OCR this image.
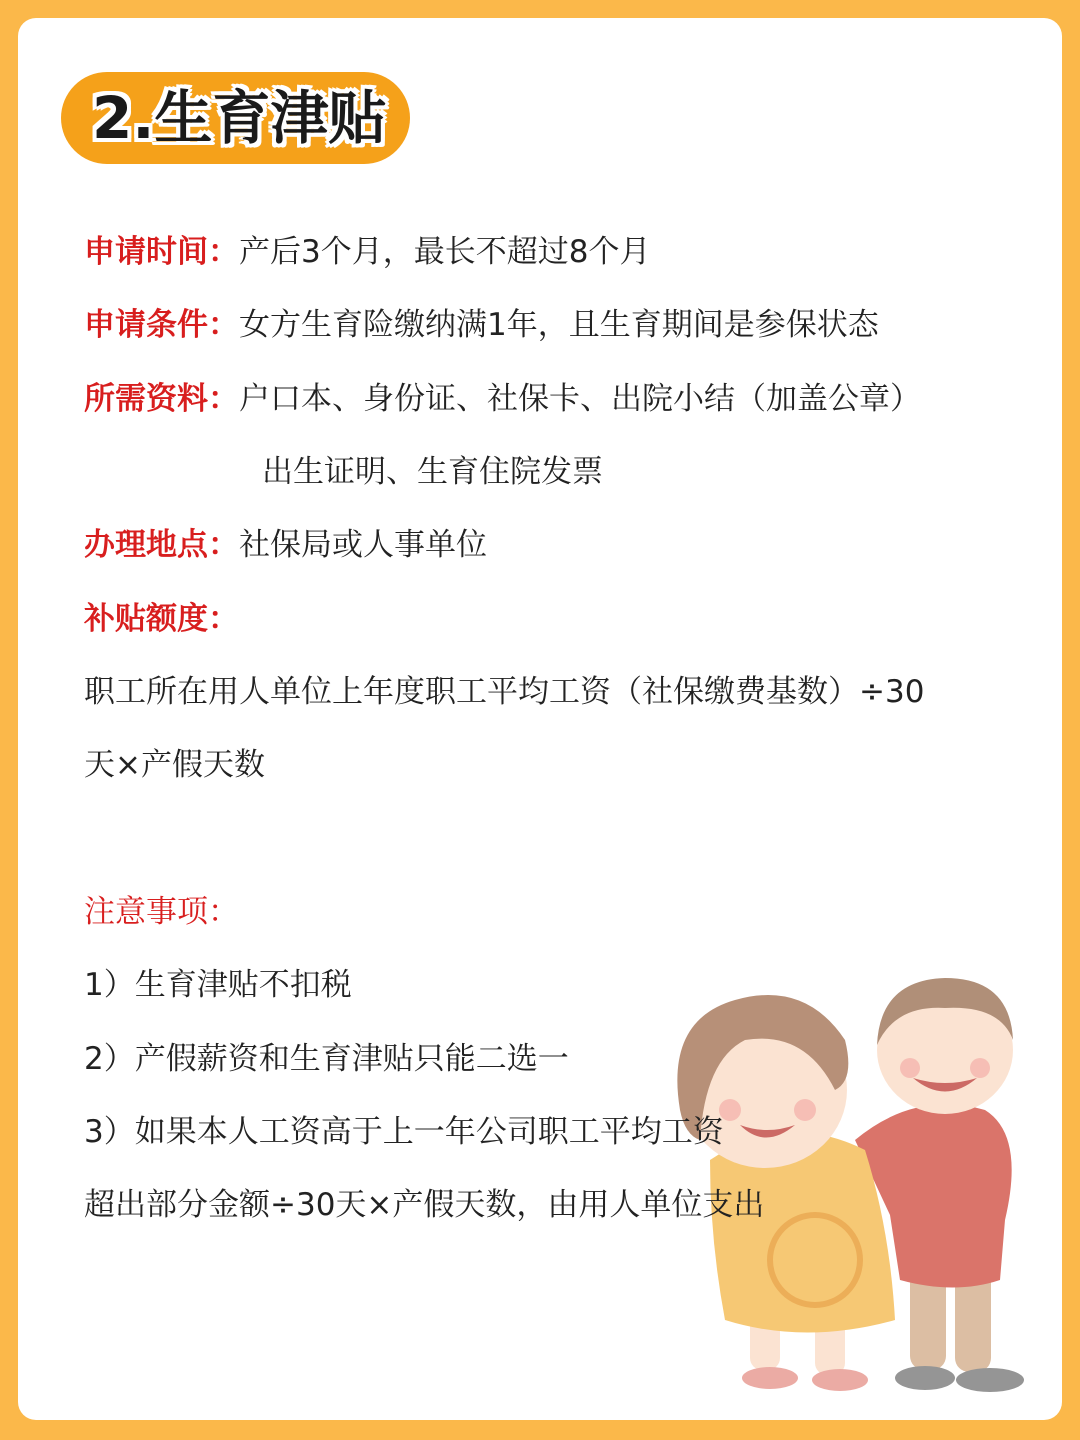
2.生育津贴
申请时间：产后3个月，最长不超过8个月
申请条件：女方生育险缴纳满1年，且生育期间是参保状态
所需资料：户口本、身份证、社保卡、出院小结（加盖公章）
出生证明、生育住院发票
办理地点：社保局或人事单位
补贴额度：
职工所在用人单位上年度职工平均工资（社保缴费基数）÷30
天×产假天数
注意事项：
1）生育津贴不扣税
2）产假薪资和生育津贴只能二选一
3）如果本人工资高于上一年公司职工平均工资
超出部分金额÷30天×产假天数，由用人单位支出
